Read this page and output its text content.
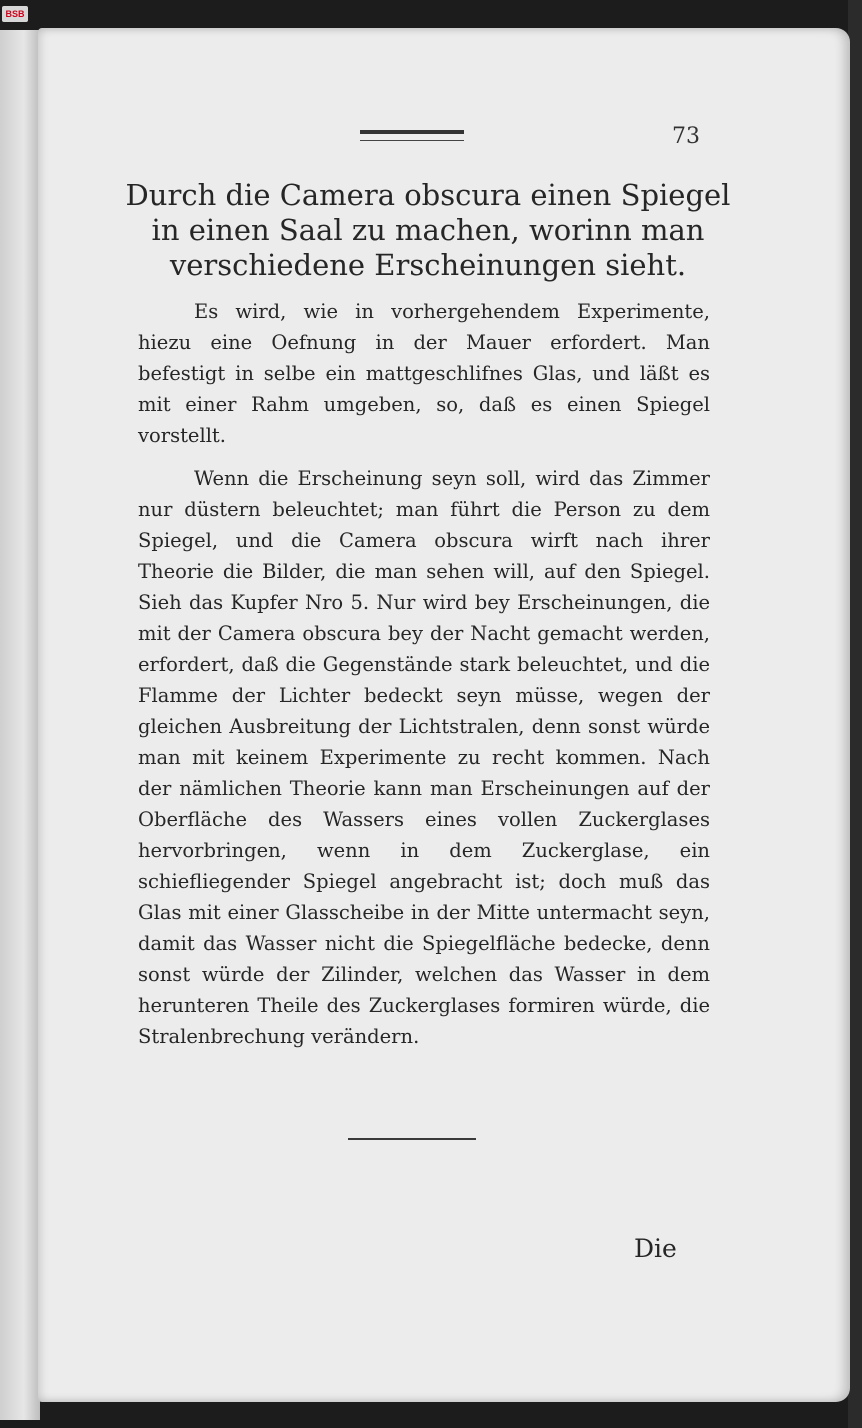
BSB
73
Durch die Camera obscura einen Spiegel in einen Saal zu machen, worinn man verschiedene Erscheinungen sieht.

Es wird, wie in vorhergehendem Experimente, hiezu eine Oefnung in der Mauer erfordert. Man befestigt in selbe ein mattgeschlifnes Glas, und läßt es mit einer Rahm umgeben, so, daß es einen Spiegel vorstellt.

Wenn die Erscheinung seyn soll, wird das Zimmer nur düstern beleuchtet; man führt die Person zu dem Spiegel, und die Camera obscura wirft nach ihrer Theorie die Bilder, die man sehen will, auf den Spiegel. Sieh das Kupfer Nro 5. Nur wird bey Erscheinungen, die mit der Camera obscura bey der Nacht gemacht werden, erfordert, daß die Gegenstände stark beleuchtet, und die Flamme der Lichter bedeckt seyn müsse, wegen der gleichen Ausbreitung der Lichtstralen, denn sonst würde man mit keinem Experimente zu recht kommen. Nach der nämlichen Theorie kann man Erscheinungen auf der Oberfläche des Wassers eines vollen Zuckerglases hervorbringen, wenn in dem Zuckerglase, ein schiefliegender Spiegel angebracht ist; doch muß das Glas mit einer Glasscheibe in der Mitte untermacht seyn, damit das Wasser nicht die Spiegelfläche bedecke, denn sonst würde der Zilinder, welchen das Wasser in dem herunteren Theile des Zuckerglases formiren würde, die Stralenbrechung verändern.

Die
